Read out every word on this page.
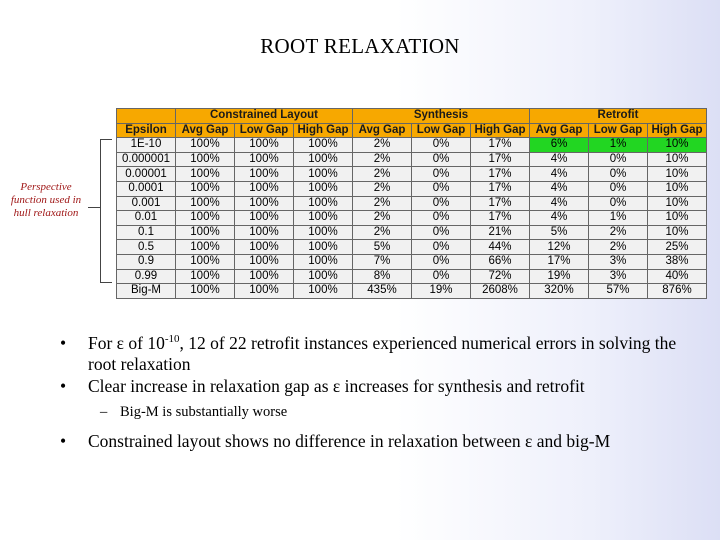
ROOT RELAXATION
Perspective function used in hull relaxation
	Constrained Layout			Synthesis			Retrofit		
Epsilon	Avg Gap	Low Gap	High Gap	Avg Gap	Low Gap	High Gap	Avg Gap	Low Gap	High Gap
1E-10	100%	100%	100%	2%	0%	17%	6%	1%	10%
0.000001	100%	100%	100%	2%	0%	17%	4%	0%	10%
0.00001	100%	100%	100%	2%	0%	17%	4%	0%	10%
0.0001	100%	100%	100%	2%	0%	17%	4%	0%	10%
0.001	100%	100%	100%	2%	0%	17%	4%	0%	10%
0.01	100%	100%	100%	2%	0%	17%	4%	1%	10%
0.1	100%	100%	100%	2%	0%	21%	5%	2%	10%
0.5	100%	100%	100%	5%	0%	44%	12%	2%	25%
0.9	100%	100%	100%	7%	0%	66%	17%	3%	38%
0.99	100%	100%	100%	8%	0%	72%	19%	3%	40%
Big-M	100%	100%	100%	435%	19%	2608%	320%	57%	876%
• For ε of $10^{-10}$, 12 of 22 retrofit instances experienced numerical errors in solving the root relaxation
• Clear increase in relaxation gap as ε increases for synthesis and retrofit
– Big-M is substantially worse
• Constrained layout shows no difference in relaxation between ε and big-M
